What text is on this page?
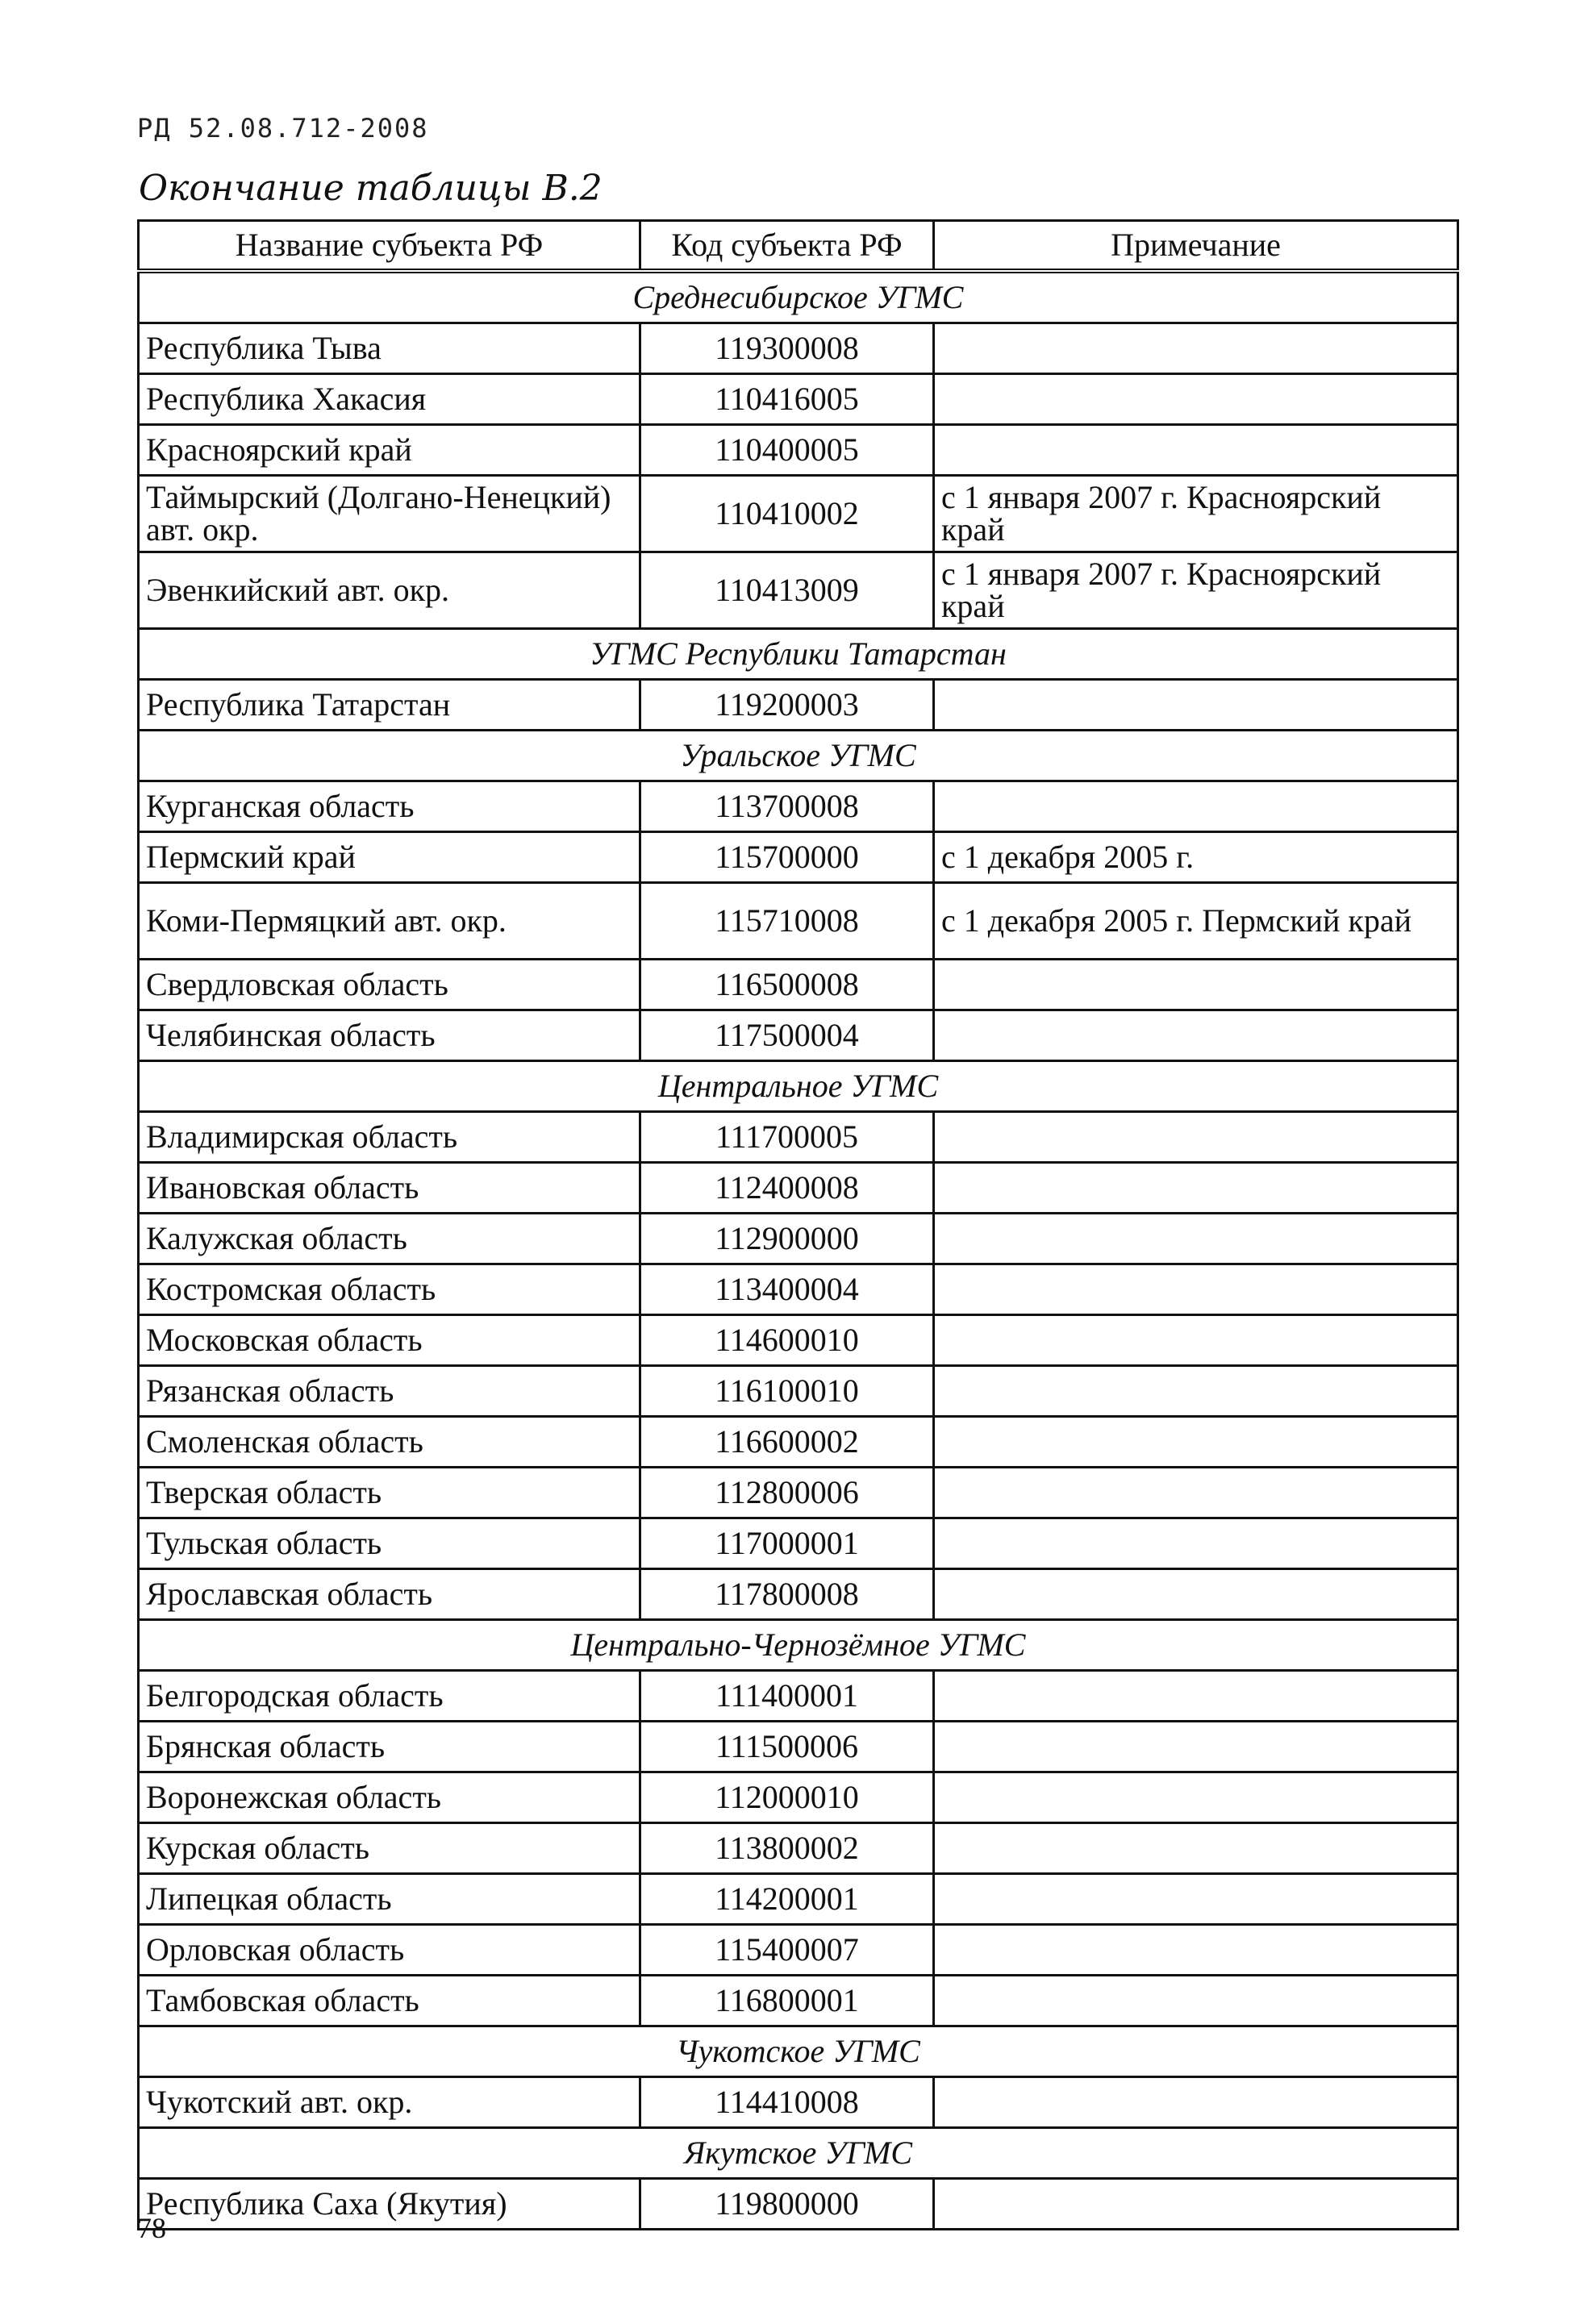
РД 52.08.712-2008
Окончание таблицы В.2
Название субъекта РФ	Код субъекта РФ	Примечание
Среднесибирское УГМС		
Республика Тыва	119300008	
Республика Хакасия	110416005	
Красноярский край	110400005	
Таймырский (Долгано-Ненецкий) авт. окр.	110410002	с 1 января 2007 г. Красноярский край
Эвенкийский авт. окр.	110413009	с 1 января 2007 г. Красноярский край
УГМС Республики Татарстан		
Республика Татарстан	119200003	
Уральское УГМС		
Курганская область	113700008	
Пермский край	115700000	с 1 декабря 2005 г.
Коми-Пермяцкий авт. окр.	115710008	с 1 декабря 2005 г. Пермский край
Свердловская область	116500008	
Челябинская область	117500004	
Центральное УГМС		
Владимирская область	111700005	
Ивановская область	112400008	
Калужская область	112900000	
Костромская область	113400004	
Московская область	114600010	
Рязанская область	116100010	
Смоленская область	116600002	
Тверская область	112800006	
Тульская область	117000001	
Ярославская область	117800008	
Центрально-Чернозёмное УГМС		
Белгородская область	111400001	
Брянская область	111500006	
Воронежская область	112000010	
Курская область	113800002	
Липецкая область	114200001	
Орловская область	115400007	
Тамбовская область	116800001	
Чукотское УГМС		
Чукотский авт. окр.	114410008	
Якутское УГМС		
Республика Саха (Якутия)	119800000	
78
